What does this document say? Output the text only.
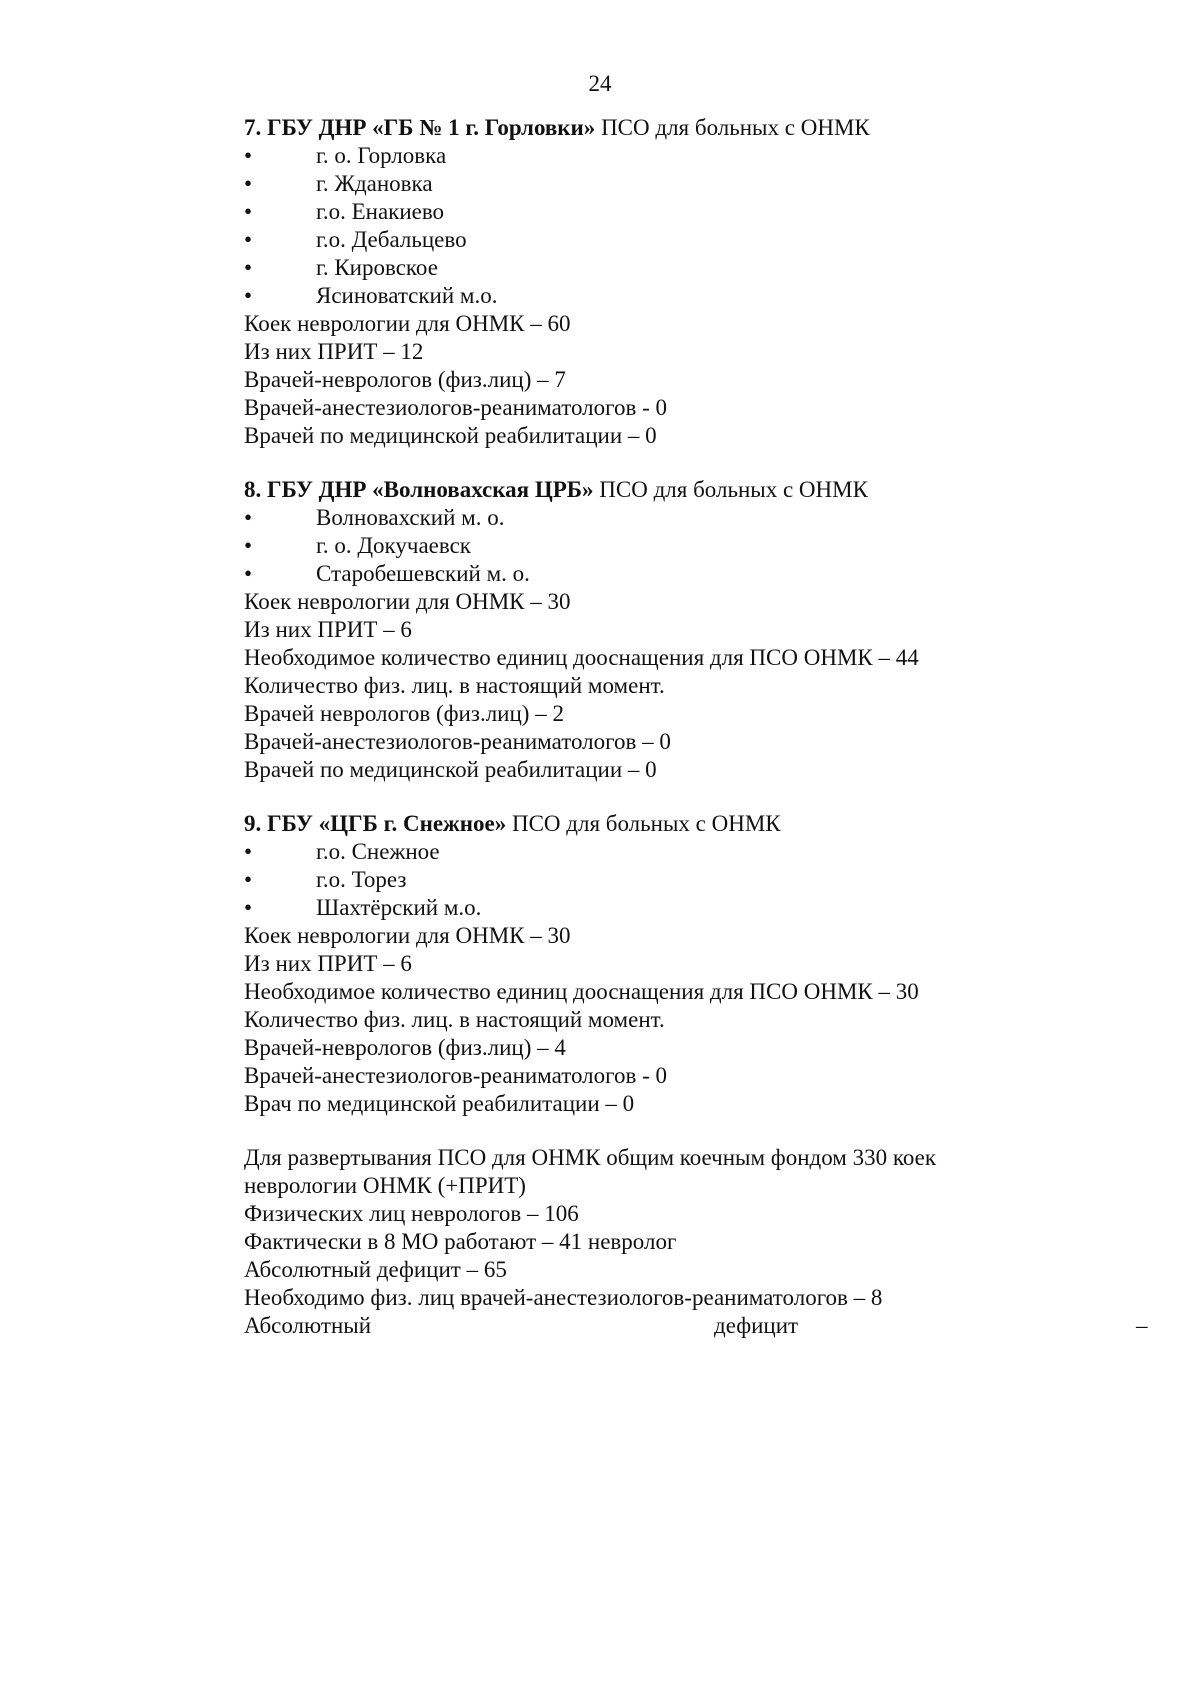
24
7. ГБУ ДНР «ГБ № 1 г. Горловки» ПСО для больных с ОНМК
•	г. о. Горловка
•	г. Ждановка
•	г.о. Енакиево
•	г.о. Дебальцево
•	г. Кировское
•	Ясиноватский м.о.
Коек неврологии для ОНМК – 60
Из них ПРИТ – 12
Врачей-неврологов (физ.лиц) – 7
Врачей-анестезиологов-реаниматологов - 0
Врачей по медицинской реабилитации – 0
8. ГБУ ДНР «Волновахская ЦРБ» ПСО для больных с ОНМК
•	Волновахский м. о.
•	г. о. Докучаевск
•	Старобешевский м. о.
Коек неврологии для ОНМК – 30
Из них ПРИТ – 6
Необходимое количество единиц дооснащения для ПСО ОНМК – 44
Количество физ. лиц. в настоящий момент.
Врачей неврологов (физ.лиц) – 2
Врачей-анестезиологов-реаниматологов – 0
Врачей по медицинской реабилитации – 0
9. ГБУ «ЦГБ г. Снежное» ПСО для больных с ОНМК
•	г.о. Снежное
•	г.о. Торез
•	Шахтёрский м.о.
Коек неврологии для ОНМК – 30
Из них ПРИТ – 6
Необходимое количество единиц дооснащения для ПСО ОНМК – 30
Количество физ. лиц. в настоящий момент.
Врачей-неврологов (физ.лиц) – 4
Врачей-анестезиологов-реаниматологов - 0
Врач по медицинской реабилитации – 0
Для развертывания ПСО для ОНМК общим коечным фондом 330 коек
неврологии ОНМК (+ПРИТ)
Физических лиц неврологов – 106
Фактически в 8 МО работают – 41 невролог
Абсолютный дефицит – 65
Необходимо физ. лиц врачей-анестезиологов-реаниматологов – 8
Абсолютный	дефицит	–
